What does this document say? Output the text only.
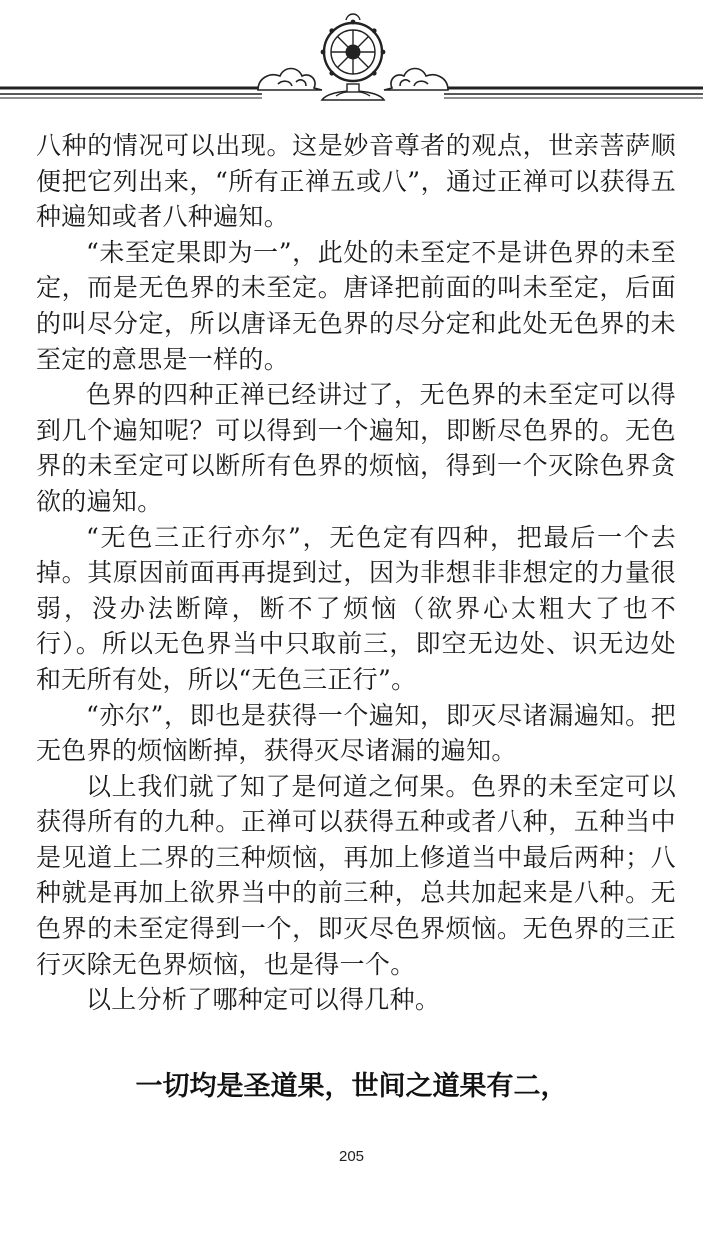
八种的情况可以出现。这是妙音尊者的观点，世亲菩萨顺便把它列出来，“所有正禅五或八”，通过正禅可以获得五种遍知或者八种遍知。

“未至定果即为一”，此处的未至定不是讲色界的未至定，而是无色界的未至定。唐译把前面的叫未至定，后面的叫尽分定，所以唐译无色界的尽分定和此处无色界的未至定的意思是一样的。

色界的四种正禅已经讲过了，无色界的未至定可以得到几个遍知呢？可以得到一个遍知，即断尽色界的。无色界的未至定可以断所有色界的烦恼，得到一个灭除色界贪欲的遍知。

“无色三正行亦尔”，无色定有四种，把最后一个去掉。其原因前面再再提到过，因为非想非非想定的力量很弱，没办法断障，断不了烦恼（欲界心太粗大了也不行）。所以无色界当中只取前三，即空无边处、识无边处和无所有处，所以“无色三正行”。

“亦尔”，即也是获得一个遍知，即灭尽诸漏遍知。把无色界的烦恼断掉，获得灭尽诸漏的遍知。

以上我们就了知了是何道之何果。色界的未至定可以获得所有的九种。正禅可以获得五种或者八种，五种当中是见道上二界的三种烦恼，再加上修道当中最后两种；八种就是再加上欲界当中的前三种，总共加起来是八种。无色界的未至定得到一个，即灭尽色界烦恼。无色界的三正行灭除无色界烦恼，也是得一个。

以上分析了哪种定可以得几种。

一切均是圣道果，世间之道果有二，
205
